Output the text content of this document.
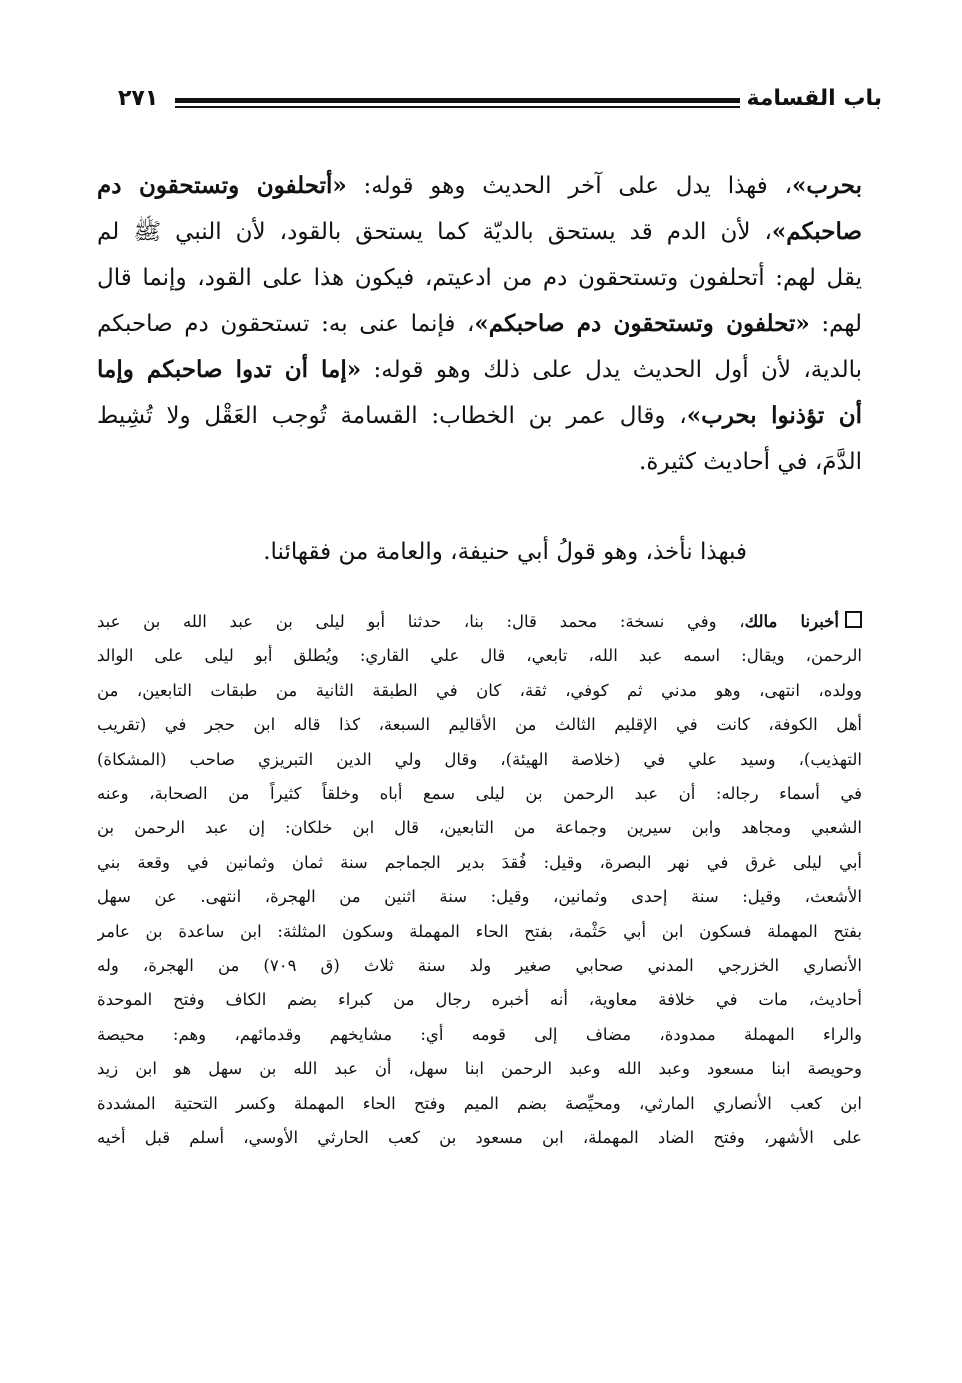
باب القسامة
٢٧١
بحرب»، فهذا يدل على آخر الحديث وهو قوله: «أتحلفون وتستحقون دم
صاحبكم»، لأن الدم قد يستحق بالديّة كما يستحق بالقود، لأن النبي ﷺ لم
يقل لهم: أتحلفون وتستحقون دم من ادعيتم، فيكون هذا على القود، وإنما قال
لهم: «تحلفون وتستحقون دم صاحبكم»، فإنما عنى به: تستحقون دم صاحبكم
بالدية، لأن أول الحديث يدل على ذلك وهو قوله: «إما أن تدوا صاحبكم وإما
أن تؤذنوا بحرب»، وقال عمر بن الخطاب: القسامة تُوجب العَقْل ولا تُشِيط
الدَّمَ، في أحاديث كثيرة.
فبهذا نأخذ، وهو قولُ أبي حنيفة، والعامة من فقهائنا.
أخبرنا مالك، وفي نسخة: محمد قال: بنا، حدثنا أبو ليلى بن عبد الله بن عبد
الرحمن، ويقال: اسمه عبد الله، تابعي، قال علي القاري: ويُطلق أبو ليلى على الوالد
وولده، انتهى، وهو مدني ثم كوفي، ثقة، كان في الطبقة الثانية من طبقات التابعين، من
أهل الكوفة، كانت في الإقليم الثالث من الأقاليم السبعة، كذا قاله ابن حجر في (تقريب
التهذيب)، وسيد علي في (خلاصة الهيئة)، وقال ولي الدين التبريزي صاحب (المشكاة)
في أسماء رجاله: أن عبد الرحمن بن ليلى سمع أباه وخلقاً كثيراً من الصحابة، وعنه
الشعبي ومجاهد وابن سيرين وجماعة من التابعين، قال ابن خلكان: إن عبد الرحمن بن
أبي ليلى غرق في نهر البصرة، وقيل: فُقدَ بدير الجماجم سنة ثمان وثمانين في وقعة بني
الأشعث، وقيل: سنة إحدى وثمانين، وقيل: سنة اثنين من الهجرة، انتهى. عن سهل
بفتح المهملة فسكون ابن أبي حَثْمة، بفتح الحاء المهملة وسكون المثلثة: ابن ساعدة بن عامر
الأنصاري الخزرجي المدني صحابي صغير ولد سنة ثلاث (ق ٧٠٩) من الهجرة، وله
أحاديث، مات في خلافة معاوية، أنه أخبره رجال من كبراء بضم الكاف وفتح الموحدة
والراء المهملة ممدودة، مضاف إلى قومه أي: مشايخهم وقدمائهم، وهم: محيصة
وحويصة ابنا مسعود وعبد الله وعبد الرحمن ابنا سهل، أن عبد الله بن سهل هو ابن زيد
ابن كعب الأنصاري المارثي، ومحيِّصة بضم الميم وفتح الحاء المهملة وكسر التحتية المشددة
على الأشهر، وفتح الضاد المهملة، ابن مسعود بن كعب الحارثي الأوسي، أسلم قبل أخيه
